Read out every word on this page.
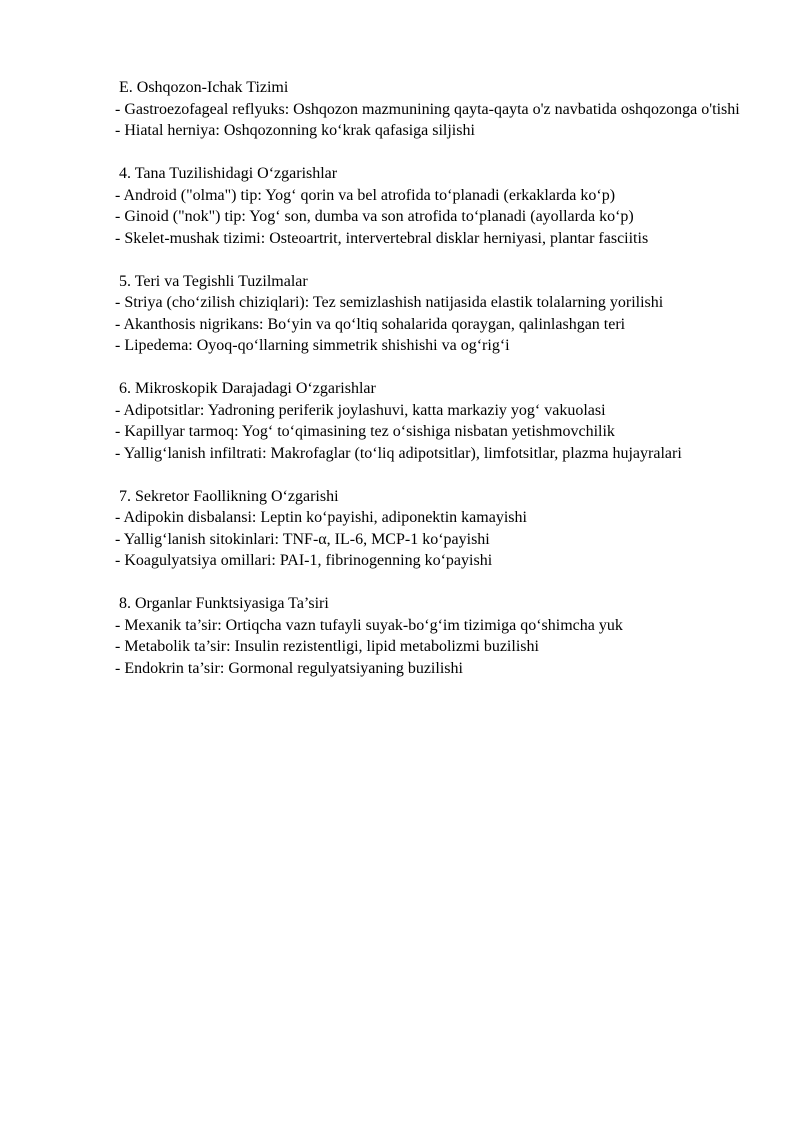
E. Oshqozon-Ichak Tizimi

- Gastroezofageal reflyuks: Oshqozon mazmunining qayta-qayta o'z navbatida oshqozonga o'tishi

- Hiatal herniya: Oshqozonning ko‘krak qafasiga siljishi

4. Tana Tuzilishidagi O‘zgarishlar

- Android ("olma") tip: Yog‘ qorin va bel atrofida to‘planadi (erkaklarda ko‘p)

- Ginoid ("nok") tip: Yog‘ son, dumba va son atrofida to‘planadi (ayollarda ko‘p)

- Skelet-mushak tizimi: Osteoartrit, intervertebral disklar herniyasi, plantar fasciitis

5. Teri va Tegishli Tuzilmalar

- Striya (cho‘zilish chiziqlari): Tez semizlashish natijasida elastik tolalarning yorilishi

- Akanthosis nigrikans: Bo‘yin va qo‘ltiq sohalarida qoraygan, qalinlashgan teri

- Lipedema: Oyoq-qo‘llarning simmetrik shishishi va og‘rig‘i

6. Mikroskopik Darajadagi O‘zgarishlar

- Adipotsitlar: Yadroning periferik joylashuvi, katta markaziy yog‘ vakuolasi

- Kapillyar tarmoq: Yog‘ to‘qimasining tez o‘sishiga nisbatan yetishmovchilik

- Yallig‘lanish infiltrati: Makrofaglar (to‘liq adipotsitlar), limfotsitlar, plazma hujayralari

7. Sekretor Faollikning O‘zgarishi

- Adipokin disbalansi: Leptin ko‘payishi, adiponektin kamayishi

- Yallig‘lanish sitokinlari: TNF-α, IL-6, MCP-1 ko‘payishi

- Koagulyatsiya omillari: PAI-1, fibrinogenning ko‘payishi

8. Organlar Funktsiyasiga Ta’siri

- Mexanik ta’sir: Ortiqcha vazn tufayli suyak-bo‘g‘im tizimiga qo‘shimcha yuk

- Metabolik ta’sir: Insulin rezistentligi, lipid metabolizmi buzilishi

- Endokrin ta’sir: Gormonal regulyatsiyaning buzilishi
